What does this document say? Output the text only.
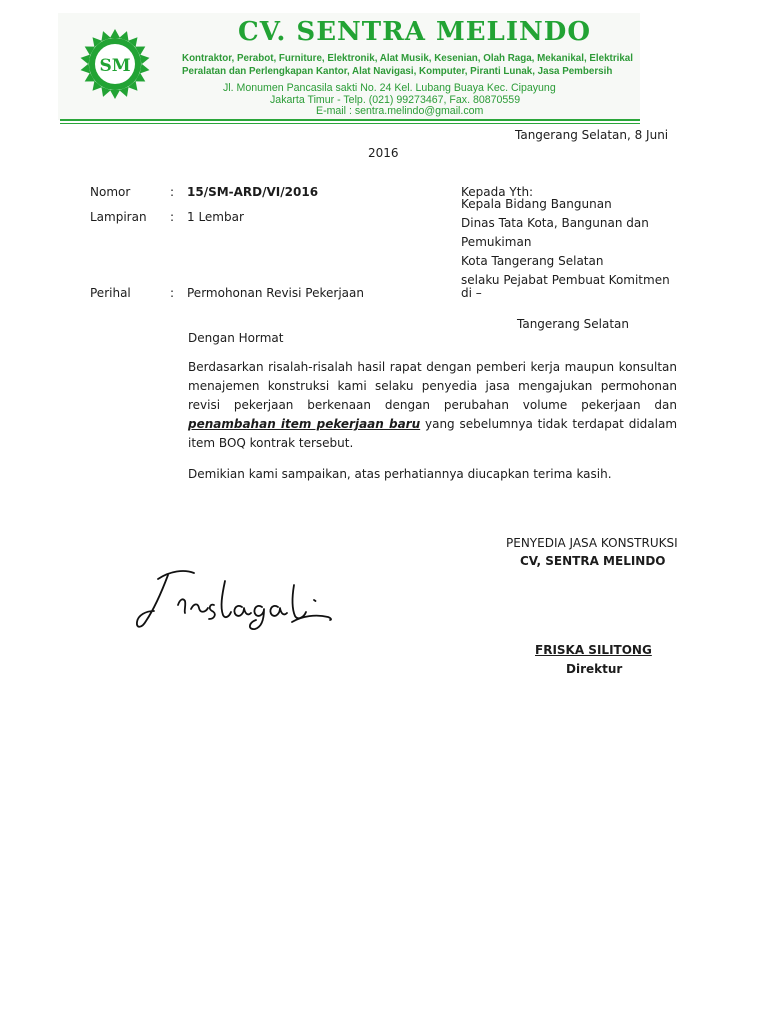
SM
CV. SENTRA MELINDO
Kontraktor, Perabot, Furniture, Elektronik, Alat Musik, Kesenian, Olah Raga, Mekanikal, Elektrikal
Peralatan dan Perlengkapan Kantor, Alat Navigasi, Komputer, Piranti Lunak, Jasa Pembersih
Jl. Monumen Pancasila sakti No. 24 Kel. Lubang Buaya Kec. Cipayung
Jakarta Timur - Telp. (021) 99273467, Fax. 80870559
E-mail : sentra.melindo@gmail.com
Tangerang Selatan, 8 Juni
2016
Nomor	: 15/SM-ARD/VI/2016
Lampiran : 1 Lembar
Perihal	: Permohonan Revisi Pekerjaan
Kepada Yth:
Kepala Bidang Bangunan
Dinas Tata Kota, Bangunan dan
Pemukiman
Kota Tangerang Selatan
selaku Pejabat Pembuat Komitmen
di –
Tangerang Selatan
Dengan Hormat
Berdasarkan risalah-risalah hasil rapat dengan pemberi kerja maupun konsultan menajemen konstruksi kami selaku penyedia jasa mengajukan permohonan revisi pekerjaan berkenaan dengan perubahan volume pekerjaan dan penambahan item pekerjaan baru yang sebelumnya tidak terdapat didalam item BOQ kontrak tersebut.
Demikian kami sampaikan, atas perhatiannya diucapkan terima kasih.
PENYEDIA JASA KONSTRUKSI
CV, SENTRA MELINDO
FRISKA SILITONG
Direktur
